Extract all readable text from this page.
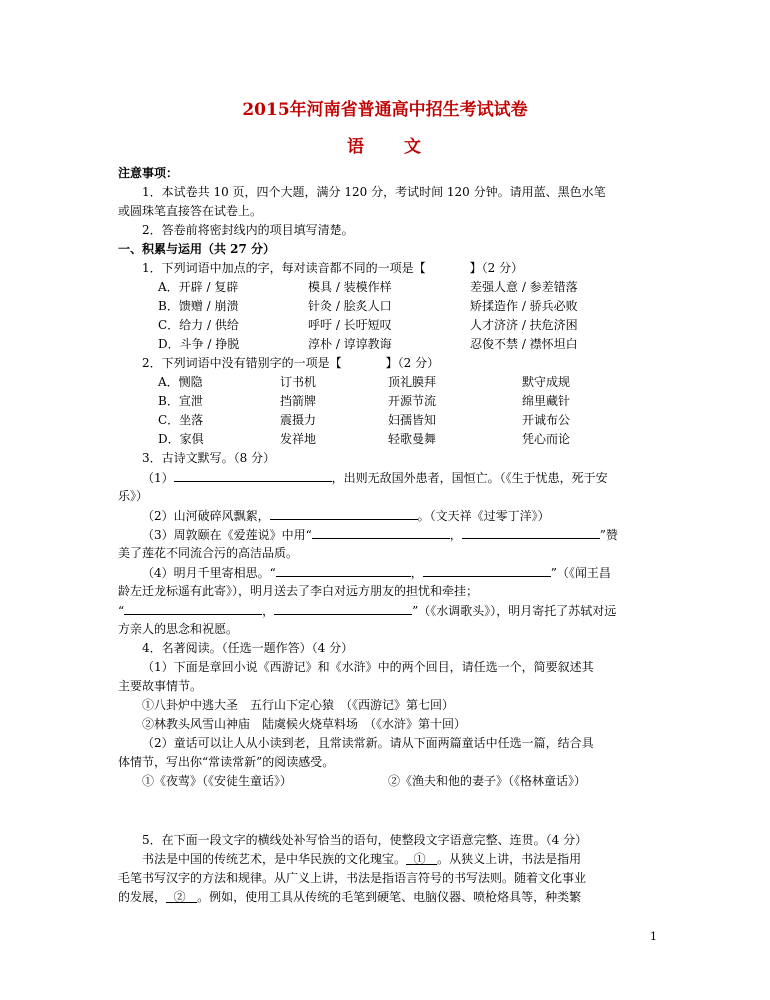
2015年河南省普通高中招生考试试卷
语　　文
注意事项：
1．本试卷共 10 页，四个大题，满分 120 分，考试时间 120 分钟。请用蓝、黑色水笔
或圆珠笔直接答在试卷上。
2．答卷前将密封线内的项目填写清楚。
一、积累与运用（共 27 分）
1．下列词语中加点的字，每对读音都不同的一项是【	】（2 分）
A．开辟 / 复辟	模具 / 装模作样	差强人意 / 参差错落
B．馈赠 / 崩溃	针灸 / 脍炙人口	矫揉造作 / 骄兵必败
C．给力 / 供给	呼吁 / 长吁短叹	人才济济 / 扶危济困
D．斗争 / 挣脱	淳朴 / 谆谆教诲	忍俊不禁 / 襟怀坦白
2．下列词语中没有错别字的一项是【	】（2 分）
A．恻隐	订书机	顶礼膜拜	默守成规
B．宣泄	挡箭牌	开源节流	绵里藏针
C．坐落	震摄力	妇孺皆知	开诚布公
D．家俱	发祥地	轻歌曼舞	凭心而论
3．古诗文默写。（8 分）
（1）	，出则无敌国外患者，国恒亡。（《生于忧患，死于安
乐》）
（2）山河破碎风飘絮，	。（文天祥《过零丁洋》）
（3）周敦颐在《爱莲说》中用“	，	”赞
美了莲花不同流合污的高洁品质。
（4）明月千里寄相思。“	，	”（《闻王昌
龄左迁龙标遥有此寄》），明月送去了李白对远方朋友的担忧和牵挂；
“	，	”（《水调歌头》），明月寄托了苏轼对远
方亲人的思念和祝愿。
4．名著阅读。（任选一题作答）（4 分）
（1）下面是章回小说《西游记》和《水浒》中的两个回目，请任选一个，简要叙述其
主要故事情节。
①八卦炉中逃大圣　五行山下定心猿　（《西游记》第七回）
②林教头风雪山神庙　陆虞候火烧草料场　（《水浒》第十回）
（2）童话可以让人从小读到老，且常读常新。请从下面两篇童话中任选一篇，结合具
体情节，写出你“常读常新”的阅读感受。
①《夜莺》（《安徒生童话》）	②《渔夫和他的妻子》（《格林童话》）
5．在下面一段文字的横线处补写恰当的语句，使整段文字语意完整、连贯。（4 分）
书法是中国的传统艺术，是中华民族的文化瑰宝。 ① 。从狭义上讲，书法是指用
毛笔书写汉字的方法和规律。从广义上讲，书法是指语言符号的书写法则。随着文化事业
的发展， ② 。例如，使用工具从传统的毛笔到硬笔、电脑仪器、喷枪烙具等，种类繁
1
